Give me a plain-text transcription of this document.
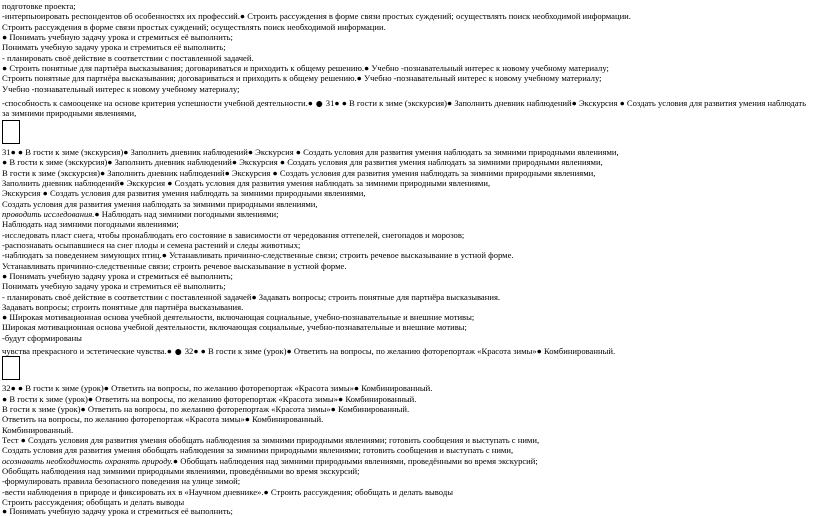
подготовке проекта;
-интерпьюировать респондентов об особенностях их профессий.● Строить рассуждения в форме связи простых суждений; осуществлять поиск необходимой информации.
Строить рассуждения в форме связи простых суждений; осуществлять поиск необходимой информации.
● Понимать учебную задачу урока и стремиться её выполнить;
Понимать учебную задачу урока и стремиться её выполнить;
- планировать своё действие в соответствии с поставленной задачей.
● Строить понятные для партнёра высказывания; договариваться и приходить к общему решению.● Учебно -познавательный интерес к новому учебному материалу;
Строить понятные для партнёра высказывания; договариваться и приходить к общему решению.● Учебно -познавательный интерес к новому учебному материалу;
Учебно -познавательный интерес к новому учебному материалу;
-способность к самооценке на основе критерия успешности учебной деятельности.● ● 31● ● В гости к зиме (экскурсия)● Заполнить дневник наблюдений● Экскурсия ● Создать условия для развития умения наблюдать за зимними природными явлениями,
31● ● В гости к зиме (экскурсия)● Заполнить дневник наблюдений● Экскурсия ● Создать условия для развития умения наблюдать за зимними природными явлениями,
● В гости к зиме (экскурсия)● Заполнить дневник наблюдений● Экскурсия ● Создать условия для развития умения наблюдать за зимними природными явлениями,
В гости к зиме (экскурсия)● Заполнить дневник наблюдений● Экскурсия ● Создать условия для развития умения наблюдать за зимними природными явлениями,
Заполнить дневник наблюдений● Экскурсия ● Создать условия для развития умения наблюдать за зимними природными явлениями,
Экскурсия ● Создать условия для развития умения наблюдать за зимними природными явлениями,
Создать условия для развития умения наблюдать за зимними природными явлениями,
проводить исследования.● Наблюдать над зимними погодными явлениями;
Наблюдать над зимними погодными явлениями;
-исследовать пласт снега, чтобы пронаблюдать его состояние в зависимости от чередования оттепелей, снегопадов и морозов;
-распознавать осыпавшиеся на снег плоды и семена растений и следы животных;
-наблюдать за поведением зимующих птиц.● Устанавливать причинно-следственные связи; строить речевое высказывание в устной форме.
Устанавливать причинно-следственные связи; строить речевое высказывание в устной форме.
● Понимать учебную задачу урока и стремиться её выполнить;
Понимать учебную задачу урока и стремиться её выполнить;
- планировать своё действие в соответствии с поставленной задачей● Задавать вопросы; строить понятные для партнёра высказывания.
Задавать вопросы; строить понятные для партнёра высказывания.
● Широкая мотивационная основа учебной деятельности, включающая социальные, учебно-познавательные и внешние мотивы;
Широкая мотивационная основа учебной деятельности, включающая социальные, учебно-познавательные и внешние мотивы;
-будут сформированы
чувства прекрасного и эстетические чувства.● ● 32● ● В гости к зиме (урок)● Ответить на вопросы, по желанию фоторепортаж «Красота зимы»● Комбинированный.
32● ● В гости к зиме (урок)● Ответить на вопросы, по желанию фоторепортаж «Красота зимы»● Комбинированный.
● В гости к зиме (урок)● Ответить на вопросы, по желанию фоторепортаж «Красота зимы»● Комбинированный.
В гости к зиме (урок)● Ответить на вопросы, по желанию фоторепортаж «Красота зимы»● Комбинированный.
Ответить на вопросы, по желанию фоторепортаж «Красота зимы»● Комбинированный.
Комбинированный.
Тест ● Создать условия для развития умения обобщать наблюдения за зимними природными явлениями; готовить сообщения и выступать с ними,
Создать условия для развития умения обобщать наблюдения за зимними природными явлениями; готовить сообщения и выступать с ними,
осознавать необходимость охранять природу.● Обобщать наблюдения над зимними природными явлениями, проведёнными во время экскурсий;
Обобщать наблюдения над зимними природными явлениями, проведёнными во время экскурсий;
-формулировать правила безопасного поведения на улице зимой;
-вести наблюдения в природе и фиксировать их в «Научном дневнике».● Строить рассуждения; обобщать и делать выводы
Строить рассуждения; обобщать и делать выводы
● Понимать учебную задачу урока и стремиться её выполнить;
